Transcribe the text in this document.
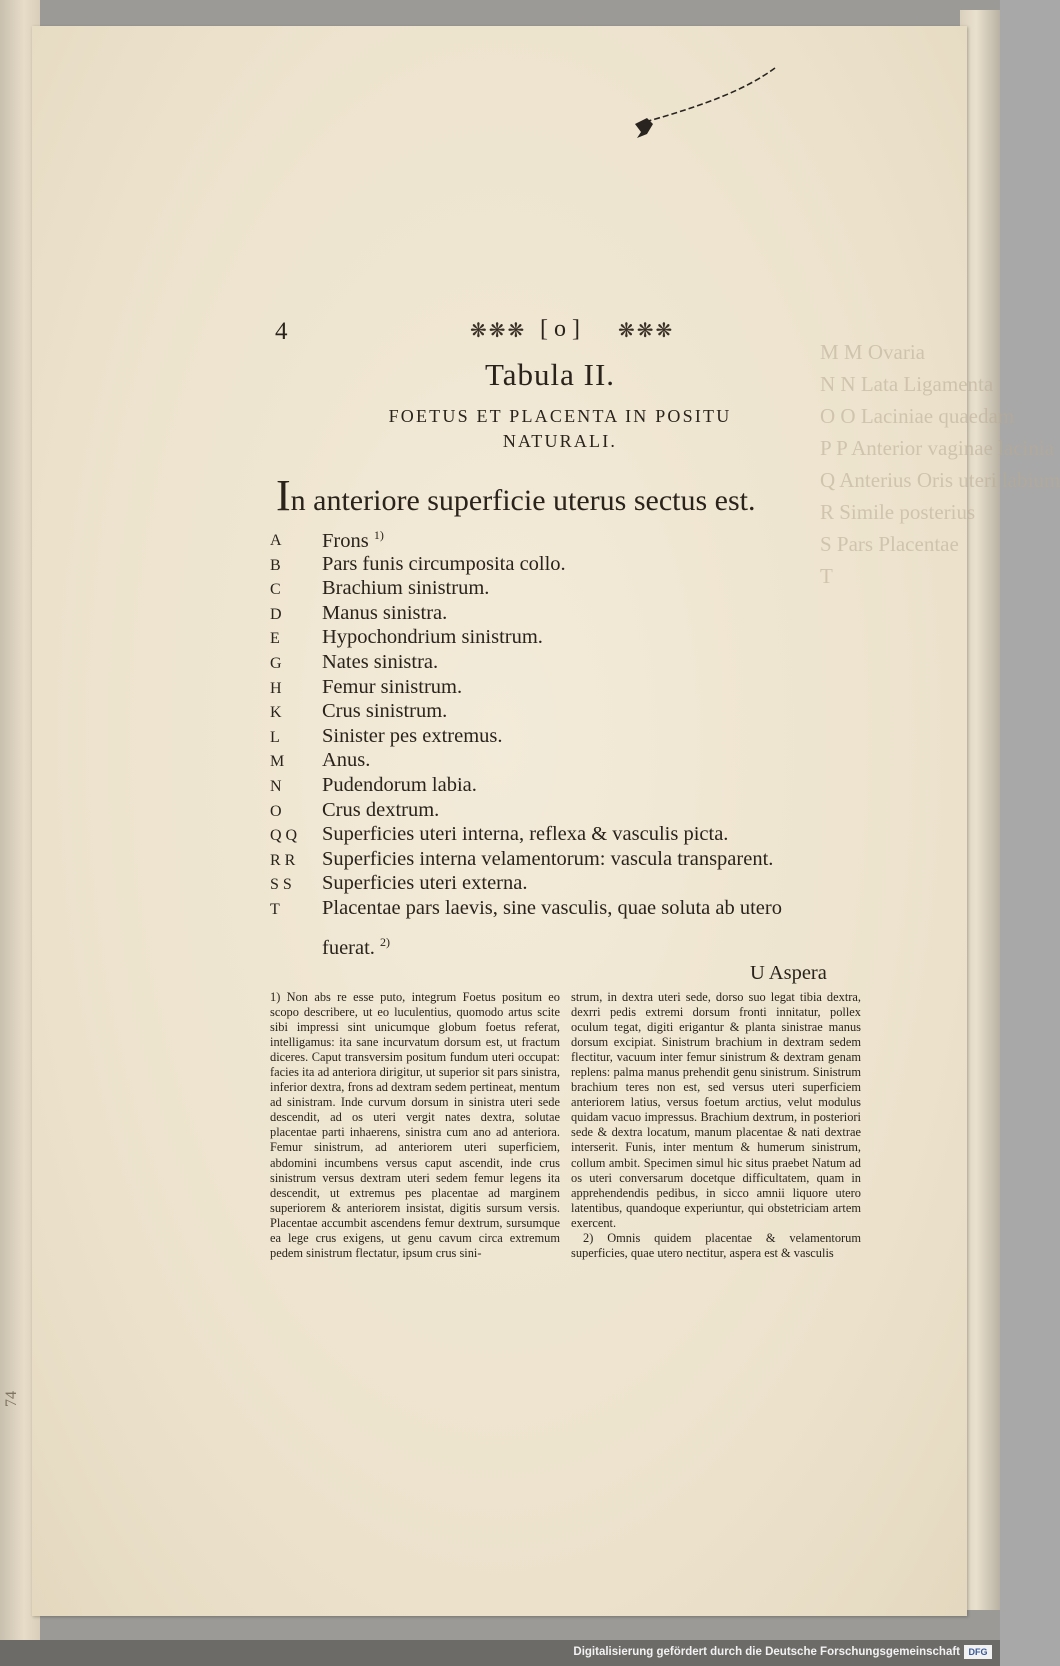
M M Ovaria
N N Lata Ligamenta
O O Laciniae quaedam
P P Anterior vaginae lacinia
Q Anterius Oris uteri labium
R Simile posterius
S Pars Placentae
T
4	❋❋❋ [ o ] ❋❋❋
Tabula II.
FOETUS ET PLACENTA IN POSITU
NATURALI.
In anteriore superficie uterus sectus est.
A	Frons $^{1)}$
B	Pars funis circumposita collo.
C	Brachium sinistrum.
D	Manus sinistra.
E	Hypochondrium sinistrum.
G	Nates sinistra.
H	Femur sinistrum.
K	Crus sinistrum.
L	Sinister pes extremus.
M	Anus.
N	Pudendorum labia.
O	Crus dextrum.
Q Q	Superficies uteri interna, reflexa & vasculis picta.
R R	Superficies interna velamentorum: vascula transparent.
S S	Superficies uteri externa.
T	Placentae pars laevis, sine vasculis, quae soluta ab utero
fuerat. $^{2)}$
U Aspera
1) Non abs re esse puto, integrum Foetus positum eo scopo describere, ut eo luculentius, quomodo artus scite sibi impressi sint unicumque globum foetus referat, intelligamus: ita sane incurvatum dorsum est, ut fractum diceres. Caput transversim positum fundum uteri occupat: facies ita ad anteriora dirigitur, ut superior sit pars sinistra, inferior dextra, frons ad dextram sedem pertineat, mentum ad sinistram. Inde curvum dorsum in sinistra uteri sede descendit, ad os uteri vergit nates dextra, solutae placentae parti inhaerens, sinistra cum ano ad anteriora. Femur sinistrum, ad anteriorem uteri superficiem, abdomini incumbens versus caput ascendit, inde crus sinistrum versus dextram uteri sedem femur legens ita descendit, ut extremus pes placentae ad marginem superiorem & anteriorem insistat, digitis sursum versis. Placentae accumbit ascendens femur dextrum, sursumque ea lege crus exigens, ut genu cavum circa extremum pedem sinistrum flectatur, ipsum crus sini-
strum, in dextra uteri sede, dorso suo legat tibia dextra, dexrri pedis extremi dorsum fronti innitatur, pollex oculum tegat, digiti erigantur & planta sinistrae manus dorsum excipiat. Sinistrum brachium in dextram sedem flectitur, vacuum inter femur sinistrum & dextram genam replens: palma manus prehendit genu sinistrum. Sinistrum brachium teres non est, sed versus uteri superficiem anteriorem latius, versus foetum arctius, velut modulus quidam vacuo impressus. Brachium dextrum, in posteriori sede & dextra locatum, manum placentae & nati dextrae interserit. Funis, inter mentum & humerum sinistrum, collum ambit. Specimen simul hic situs praebet Natum ad os uteri conversarum docetque difficultatem, quam in apprehendendis pedibus, in sicco amnii liquore utero latentibus, quandoque experiuntur, qui obstetriciam artem exercent.
2) Omnis quidem placentae & velamentorum superficies, quae utero nectitur, aspera est & vasculis
74
Digitalisierung gefördert durch die Deutsche Forschungsgemeinschaft DFG
